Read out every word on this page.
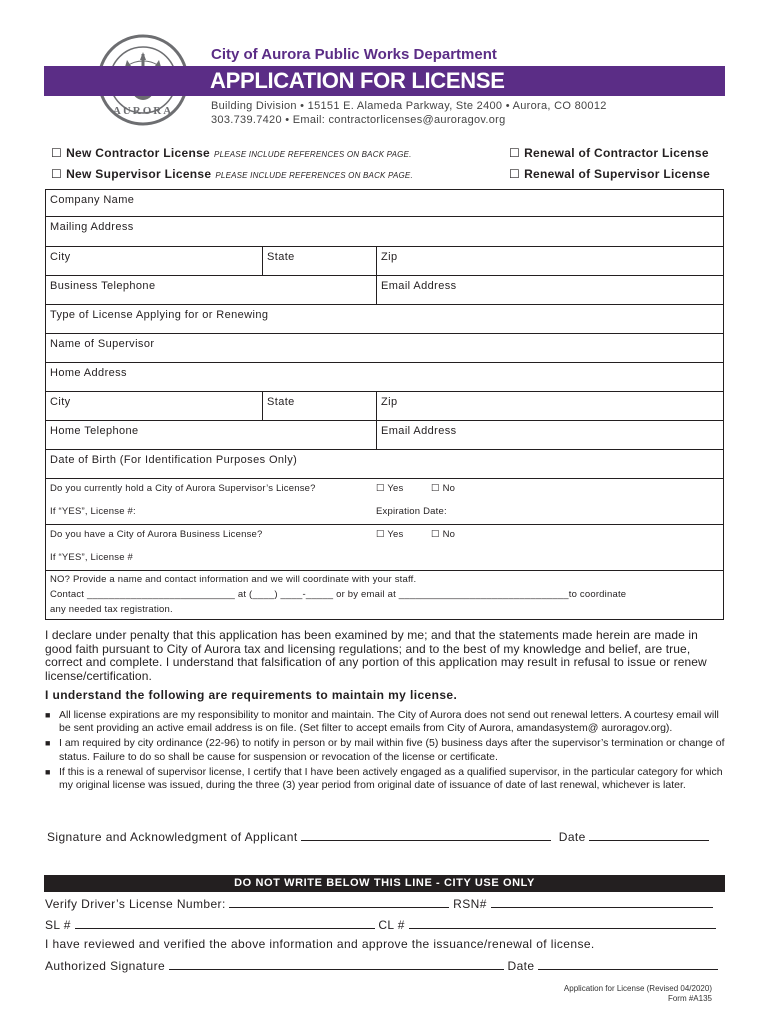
AURORA
City of Aurora Public Works Department
APPLICATION FOR LICENSE
Building Division • 15151 E. Alameda Parkway, Ste 2400 • Aurora, CO 80012
303.739.7420 • Email: contractorlicenses@auroragov.org
☐ New Contractor License PLEASE INCLUDE REFERENCES ON BACK PAGE.	☐ Renewal of Contractor License
☐ New Supervisor License PLEASE INCLUDE REFERENCES ON BACK PAGE.	☐ Renewal of Supervisor License
Company Name
Mailing Address
City	State	Zip
Business Telephone	Email Address
Type of License Applying for or Renewing
Name of Supervisor
Home Address
City	State	Zip
Home Telephone	Email Address
Date of Birth (For Identification Purposes Only)
Do you currently hold a City of Aurora Supervisor’s License?	☐ Yes	☐ No
If “YES”, License #:	Expiration Date:
Do you have a City of Aurora Business License?	☐ Yes	☐ No
If “YES”, License #
NO? Provide a name and contact information and we will coordinate with your staff.
Contact ___________________________ at (____) ____-_____ or by email at _______________________________to coordinate
any needed tax registration.
I declare under penalty that this application has been examined by me; and that the statements made herein are made in good faith pursuant to City of Aurora tax and licensing regulations; and to the best of my knowledge and belief, are true, correct and complete. I understand that falsification of any portion of this application may result in refusal to issue or renew license/certification.
I understand the following are requirements to maintain my license.
■ All license expirations are my responsibility to monitor and maintain. The City of Aurora does not send out renewal letters. A courtesy email will be sent providing an active email address is on file. (Set filter to accept emails from City of Aurora, amandasystem@ auroragov.org).
■ I am required by city ordinance (22-96) to notify in person or by mail within five (5) business days after the supervisor’s termination or change of status. Failure to do so shall be cause for suspension or revocation of the license or certificate.
■ If this is a renewal of supervisor license, I certify that I have been actively engaged as a qualified supervisor, in the particular category for which my original license was issued, during the three (3) year period from original date of issuance of date of last renewal, whichever is later.
Signature and Acknowledgment of Applicant	Date
DO NOT WRITE BELOW THIS LINE - CITY USE ONLY
Verify Driver’s License Number:	RSN#
SL #	CL #
I have reviewed and verified the above information and approve the issuance/renewal of license.
Authorized Signature	Date
Application for License (Revised 04/2020)
Form #A135
